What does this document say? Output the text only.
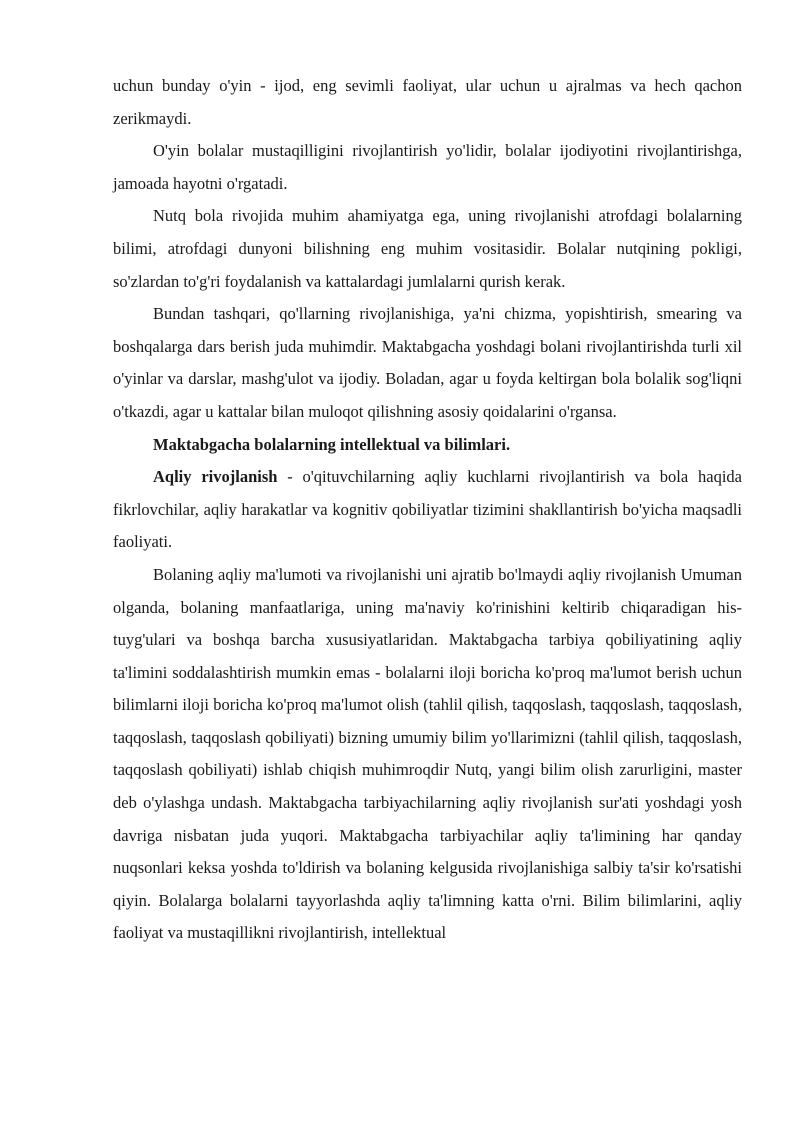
uchun bunday o'yin - ijod, eng sevimli faoliyat, ular uchun u ajralmas va hech qachon zerikmaydi.

O'yin bolalar mustaqilligini rivojlantirish yo'lidir, bolalar ijodiyotini rivojlantirishga, jamoada hayotni o'rgatadi.

Nutq bola rivojida muhim ahamiyatga ega, uning rivojlanishi atrofdagi bolalarning bilimi, atrofdagi dunyoni bilishning eng muhim vositasidir. Bolalar nutqining pokligi, so'zlardan to'g'ri foydalanish va kattalardagi jumlalarni qurish kerak.

Bundan tashqari, qo'llarning rivojlanishiga, ya'ni chizma, yopishtirish, smearing va boshqalarga dars berish juda muhimdir. Maktabgacha yoshdagi bolani rivojlantirishda turli xil o'yinlar va darslar, mashg'ulot va ijodiy. Boladan, agar u foyda keltirgan bola bolalik sog'liqni o'tkazdi, agar u kattalar bilan muloqot qilishning asosiy qoidalarini o'rgansa.

Maktabgacha bolalarning intellektual va bilimlari.

Aqliy rivojlanish - o'qituvchilarning aqliy kuchlarni rivojlantirish va bola haqida fikrlovchilar, aqliy harakatlar va kognitiv qobiliyatlar tizimini shakllantirish bo'yicha maqsadli faoliyati.

Bolaning aqliy ma'lumoti va rivojlanishi uni ajratib bo'lmaydi aqliy rivojlanish Umuman olganda, bolaning manfaatlariga, uning ma'naviy ko'rinishini keltirib chiqaradigan his-tuyg'ulari va boshqa barcha xususiyatlaridan. Maktabgacha tarbiya qobiliyatining aqliy ta'limini soddalashtirish mumkin emas - bolalarni iloji boricha ko'proq ma'lumot berish uchun bilimlarni iloji boricha ko'proq ma'lumot olish (tahlil qilish, taqqoslash, taqqoslash, taqqoslash, taqqoslash, taqqoslash qobiliyati) bizning umumiy bilim yo'llarimizni (tahlil qilish, taqqoslash, taqqoslash qobiliyati) ishlab chiqish muhimroqdir Nutq, yangi bilim olish zarurligini, master deb o'ylashga undash. Maktabgacha tarbiyachilarning aqliy rivojlanish sur'ati yoshdagi yosh davriga nisbatan juda yuqori. Maktabgacha tarbiyachilar aqliy ta'limining har qanday nuqsonlari keksa yoshda to'ldirish va bolaning kelgusida rivojlanishiga salbiy ta'sir ko'rsatishi qiyin. Bolalarga bolalarni tayyorlashda aqliy ta'limning katta o'rni. Bilim bilimlarini, aqliy faoliyat va mustaqillikni rivojlantirish, intellektual
